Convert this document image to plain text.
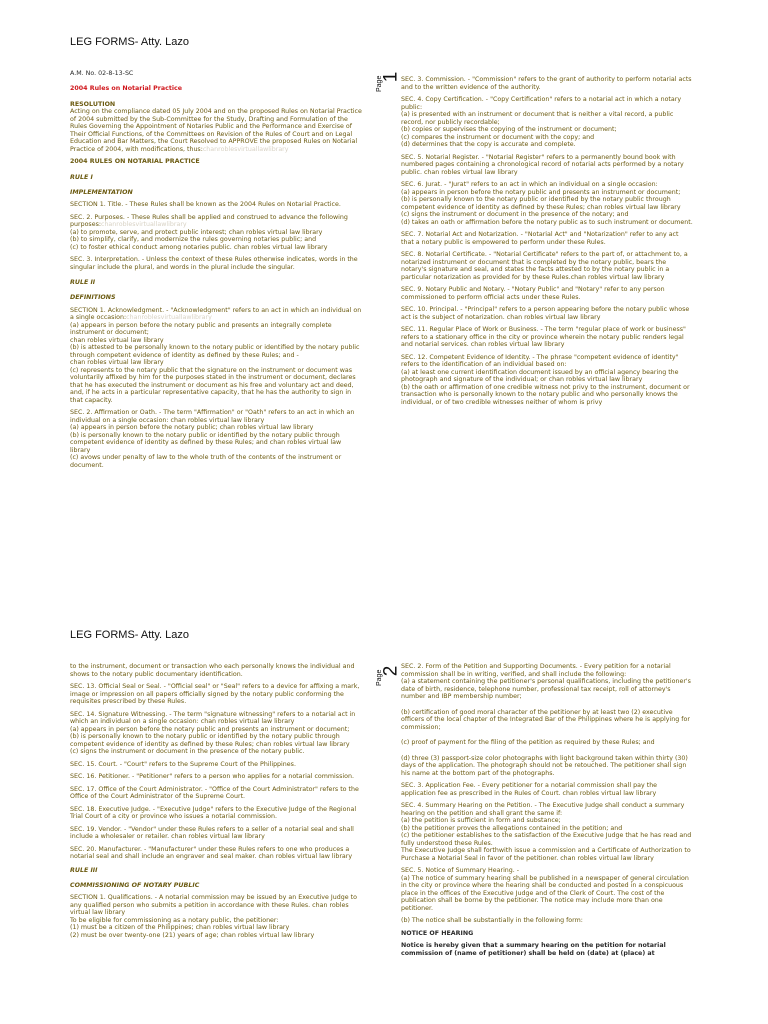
LEG FORMS- Atty. Lazo
Page
1

A.M. No. 02-8-13-SC

2004 Rules on Notarial Practice

RESOLUTION

Acting on the compliance dated 05 July 2004 and on the proposed Rules on Notarial Practice of 2004 submitted by the Sub-Committee for the Study, Drafting and Formulation of the Rules Governing the Appointment of Notaries Public and the Performance and Exercise of Their Official Functions, of the Committees on Revision of the Rules of Court and on Legal Education and Bar Matters, the Court Resolved to APPROVE the proposed Rules on Notarial Practice of 2004, with modifications, thus:chanroblesvirtuallawlibrary

2004 RULES ON NOTARIAL PRACTICE

RULE I

IMPLEMENTATION

SECTION 1. Title. - These Rules shall be known as the 2004 Rules on Notarial Practice.

SEC. 2. Purposes. - These Rules shall be applied and construed to advance the following purposes:chanroblesvirtuallawlibrary

(a) to promote, serve, and protect public interest; chan robles virtual law library
(b) to simplify, clarify, and modernize the rules governing notaries public; and
(c) to foster ethical conduct among notaries public. chan robles virtual law library

SEC. 3. Interpretation. - Unless the context of these Rules otherwise indicates, words in the singular include the plural, and words in the plural include the singular.

RULE II

DEFINITIONS

SECTION 1. Acknowledgment. - "Acknowledgment" refers to an act in which an individual on a single occasion:chanroblesvirtuallawlibrary

(a) appears in person before the notary public and presents an integrally complete instrument or document;
chan robles virtual law library
(b) is attested to be personally known to the notary public or identified by the notary public through competent evidence of identity as defined by these Rules; and -
chan robles virtual law library
(c) represents to the notary public that the signature on the instrument or document was voluntarily affixed by him for the purposes stated in the instrument or document, declares that he has executed the instrument or document as his free and voluntary act and deed, and, if he acts in a particular representative capacity, that he has the authority to sign in that capacity.

SEC. 2. Affirmation or Oath. - The term "Affirmation" or "Oath" refers to an act in which an individual on a single occasion: chan robles virtual law library
(a) appears in person before the notary public; chan robles virtual law library
(b) is personally known to the notary public or identified by the notary public through competent evidence of identity as defined by these Rules; and chan robles virtual law library
(c) avows under penalty of law to the whole truth of the contents of the instrument or document.

SEC. 3. Commission. - "Commission" refers to the grant of authority to perform notarial acts and to the written evidence of the authority.

SEC. 4. Copy Certification. - "Copy Certification" refers to a notarial act in which a notary public:

(a) is presented with an instrument or document that is neither a vital record, a public record, nor publicly recordable;
(b) copies or supervises the copying of the instrument or document;
(c) compares the instrument or document with the copy; and
(d) determines that the copy is accurate and complete.

SEC. 5. Notarial Register. - "Notarial Register" refers to a permanently bound book with numbered pages containing a chronological record of notarial acts performed by a notary public. chan robles virtual law library

SEC. 6. Jurat. - "Jurat" refers to an act in which an individual on a single occasion:

(a) appears in person before the notary public and presents an instrument or document;
(b) is personally known to the notary public or identified by the notary public through competent evidence of identity as defined by these Rules; chan robles virtual law library
(c) signs the instrument or document in the presence of the notary; and
(d) takes an oath or affirmation before the notary public as to such instrument or document.

SEC. 7. Notarial Act and Notarization. - "Notarial Act" and "Notarization" refer to any act that a notary public is empowered to perform under these Rules.

SEC. 8. Notarial Certificate. - "Notarial Certificate" refers to the part of, or attachment to, a notarized instrument or document that is completed by the notary public, bears the notary's signature and seal, and states the facts attested to by the notary public in a particular notarization as provided for by these Rules.chan robles virtual law library

SEC. 9. Notary Public and Notary. - "Notary Public" and "Notary" refer to any person commissioned to perform official acts under these Rules.

SEC. 10. Principal. - "Principal" refers to a person appearing before the notary public whose act is the subject of notarization. chan robles virtual law library

SEC. 11. Regular Place of Work or Business. - The term "regular place of work or business" refers to a stationary office in the city or province wherein the notary public renders legal and notarial services. chan robles virtual law library

SEC. 12. Competent Evidence of Identity. - The phrase "competent evidence of identity" refers to the identification of an individual based on:

(a) at least one current identification document issued by an official agency bearing the photograph and signature of the individual; or chan robles virtual law library
(b) the oath or affirmation of one credible witness not privy to the instrument, document or transaction who is personally known to the notary public and who personally knows the individual, or of two credible witnesses neither of whom is privy

LEG FORMS- Atty. Lazo
Page
2

to the instrument, document or transaction who each personally knows the individual and shows to the notary public documentary identification.

SEC. 13. Official Seal or Seal. - "Official seal" or "Seal" refers to a device for affixing a mark, image or impression on all papers officially signed by the notary public conforming the requisites prescribed by these Rules.

SEC. 14. Signature Witnessing. - The term "signature witnessing" refers to a notarial act in which an individual on a single occasion: chan robles virtual law library
(a) appears in person before the notary public and presents an instrument or document;
(b) is personally known to the notary public or identified by the notary public through competent evidence of identity as defined by these Rules; chan robles virtual law library
(c) signs the instrument or document in the presence of the notary public.

SEC. 15. Court. - "Court" refers to the Supreme Court of the Philippines.

SEC. 16. Petitioner. - "Petitioner" refers to a person who applies for a notarial commission.

SEC. 17. Office of the Court Administrator. - "Office of the Court Administrator" refers to the Office of the Court Administrator of the Supreme Court.

SEC. 18. Executive Judge. - "Executive Judge" refers to the Executive Judge of the Regional Trial Court of a city or province who issues a notarial commission.

SEC. 19. Vendor. - "Vendor" under these Rules refers to a seller of a notarial seal and shall include a wholesaler or retailer. chan robles virtual law library

SEC. 20. Manufacturer. - "Manufacturer" under these Rules refers to one who produces a notarial seal and shall include an engraver and seal maker. chan robles virtual law library

RULE III

COMMISSIONING OF NOTARY PUBLIC

SECTION 1. Qualifications. - A notarial commission may be issued by an Executive Judge to any qualified person who submits a petition in accordance with these Rules. chan robles virtual law library
To be eligible for commissioning as a notary public, the petitioner:

(1) must be a citizen of the Philippines; chan robles virtual law library
(2) must be over twenty-one (21) years of age; chan robles virtual law library

SEC. 2. Form of the Petition and Supporting Documents. - Every petition for a notarial commission shall be in writing, verified, and shall include the following:

(a) a statement containing the petitioner's personal qualifications, including the petitioner's date of birth, residence, telephone number, professional tax receipt, roll of attorney's number and IBP membership number;

(b) certification of good moral character of the petitioner by at least two (2) executive officers of the local chapter of the Integrated Bar of the Philippines where he is applying for commission;

(c) proof of payment for the filing of the petition as required by these Rules; and

(d) three (3) passport-size color photographs with light background taken within thirty (30) days of the application. The photograph should not be retouched. The petitioner shall sign his name at the bottom part of the photographs.

SEC. 3. Application Fee. - Every petitioner for a notarial commission shall pay the application fee as prescribed in the Rules of Court. chan robles virtual law library

SEC. 4. Summary Hearing on the Petition. - The Executive Judge shall conduct a summary hearing on the petition and shall grant the same if:

(a) the petition is sufficient in form and substance;
(b) the petitioner proves the allegations contained in the petition; and
(c) the petitioner establishes to the satisfaction of the Executive Judge that he has read and fully understood these Rules.
The Executive Judge shall forthwith issue a commission and a Certificate of Authorization to Purchase a Notarial Seal in favor of the petitioner. chan robles virtual law library

SEC. 5. Notice of Summary Hearing. -
(a) The notice of summary hearing shall be published in a newspaper of general circulation in the city or province where the hearing shall be conducted and posted in a conspicuous place in the offices of the Executive Judge and of the Clerk of Court. The cost of the publication shall be borne by the petitioner. The notice may include more than one petitioner.

(b) The notice shall be substantially in the following form:

NOTICE OF HEARING

Notice is hereby given that a summary hearing on the petition for notarial commission of (name of petitioner) shall be held on (date) at (place) at
